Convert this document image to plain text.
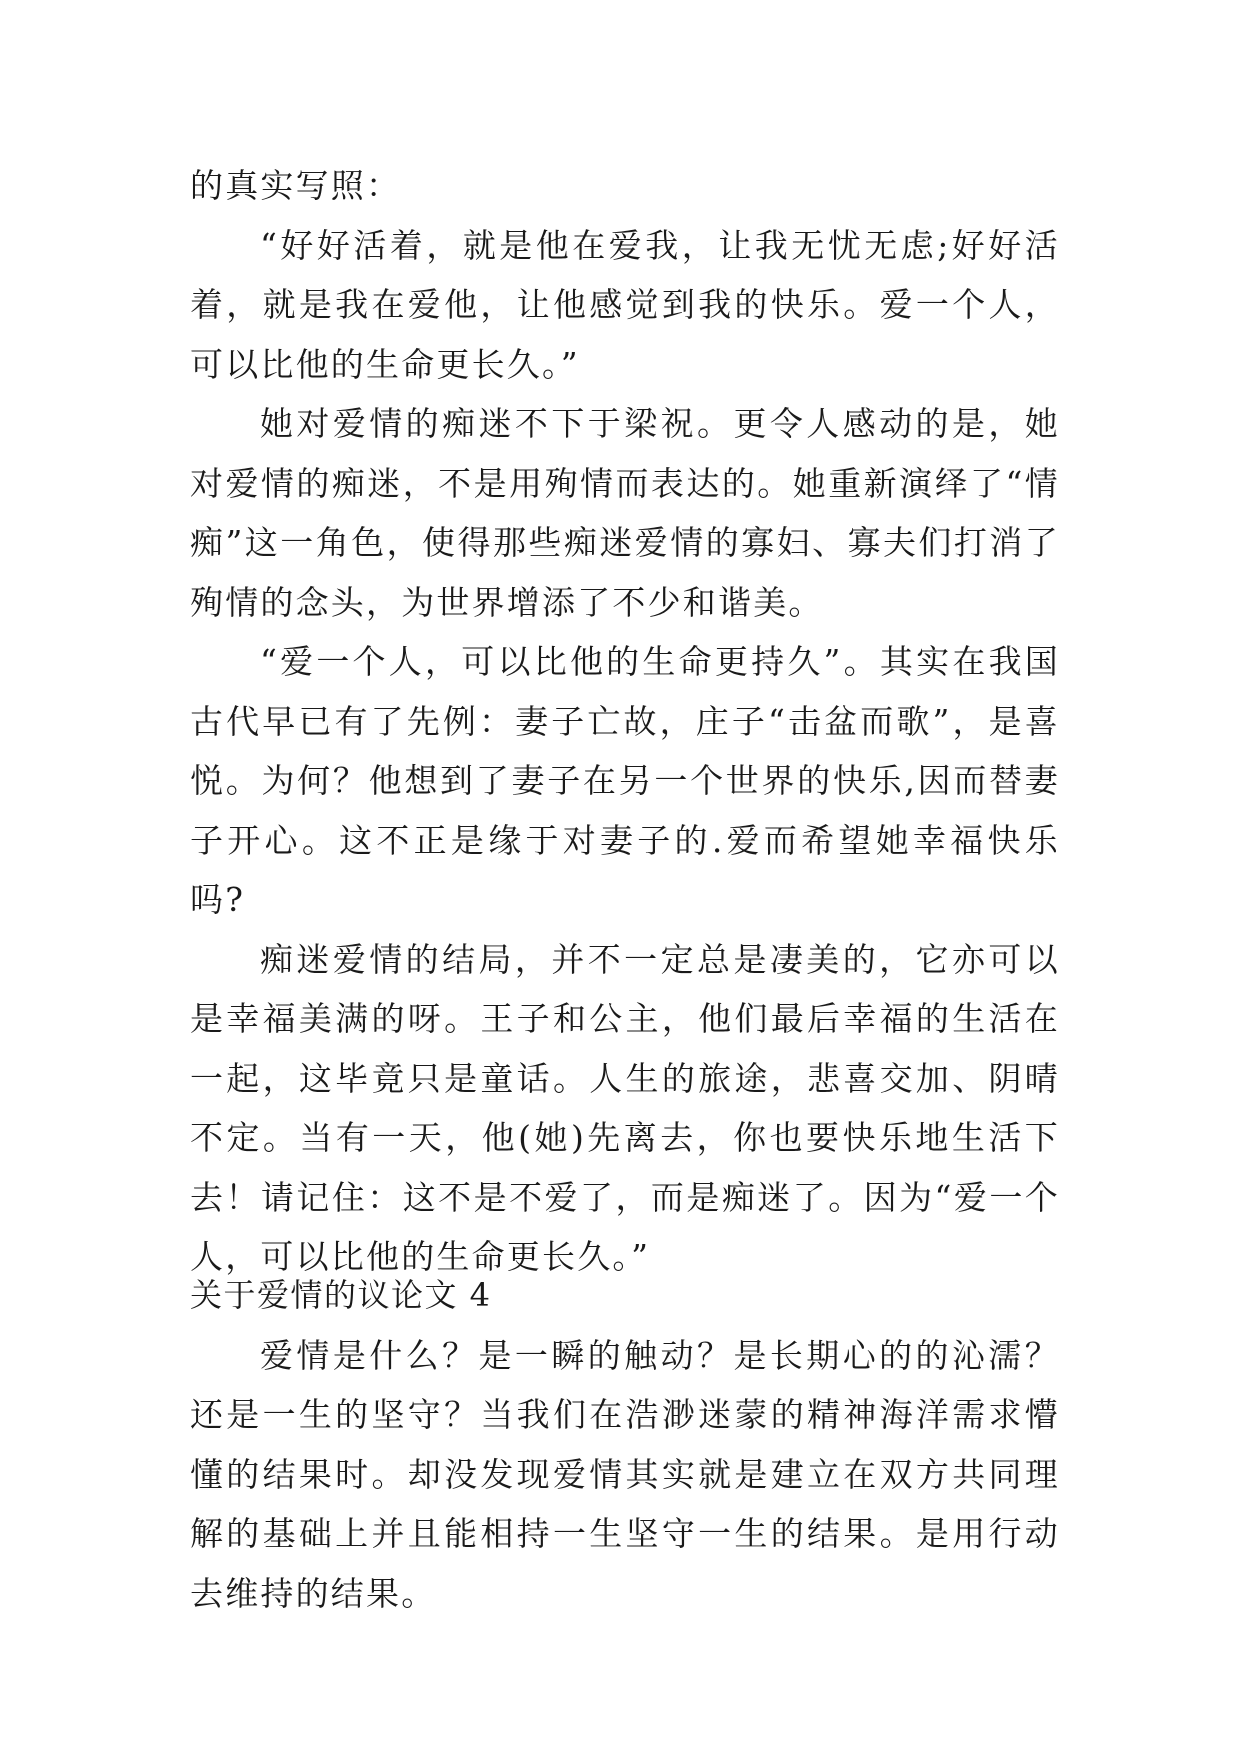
的真实写照：

“好好活着，就是他在爱我，让我无忧无虑;好好活着，就是我在爱他，让他感觉到我的快乐。爱一个人，可以比他的生命更长久。”

她对爱情的痴迷不下于梁祝。更令人感动的是，她对爱情的痴迷，不是用殉情而表达的。她重新演绎了“情痴”这一角色，使得那些痴迷爱情的寡妇、寡夫们打消了殉情的念头，为世界增添了不少和谐美。

“爱一个人，可以比他的生命更持久”。其实在我国古代早已有了先例：妻子亡故，庄子“击盆而歌”，是喜悦。为何？他想到了妻子在另一个世界的快乐,因而替妻子开心。这不正是缘于对妻子的.爱而希望她幸福快乐吗?

痴迷爱情的结局，并不一定总是凄美的，它亦可以是幸福美满的呀。王子和公主，他们最后幸福的生活在一起，这毕竟只是童话。人生的旅途，悲喜交加、阴晴不定。当有一天，他(她)先离去，你也要快乐地生活下去！请记住：这不是不爱了，而是痴迷了。因为“爱一个人，可以比他的生命更长久。”

关于爱情的议论文 4

爱情是什么？是一瞬的触动？是长期心的的沁濡？还是一生的坚守？当我们在浩渺迷蒙的精神海洋需求懵懂的结果时。却没发现爱情其实就是建立在双方共同理解的基础上并且能相持一生坚守一生的结果。是用行动去维持的结果。
